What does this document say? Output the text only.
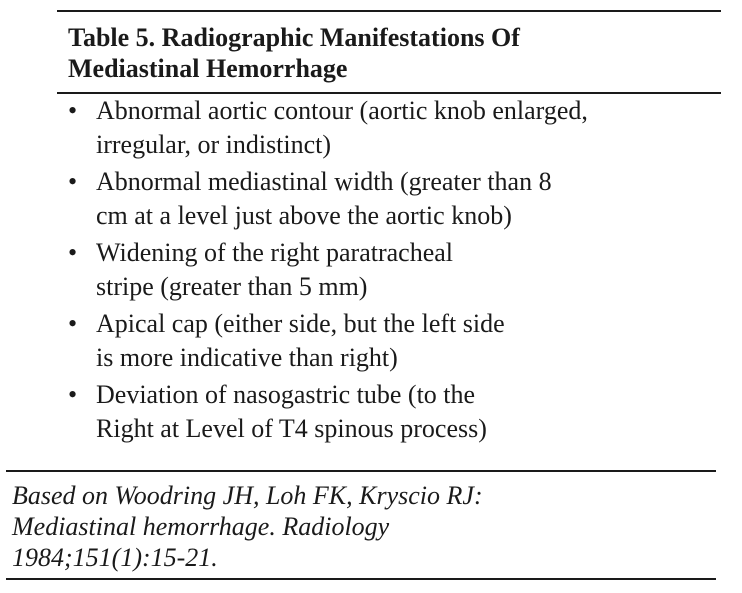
Table 5. Radiographic Manifestations Of
Mediastinal Hemorrhage
• Abnormal aortic contour (aortic knob enlarged,
irregular, or indistinct)
• Abnormal mediastinal width (greater than 8
cm at a level just above the aortic knob)
• Widening of the right paratracheal
stripe (greater than 5 mm)
• Apical cap (either side, but the left side
is more indicative than right)
• Deviation of nasogastric tube (to the
Right at Level of T4 spinous process)
Based on Woodring JH, Loh FK, Kryscio RJ:
Mediastinal hemorrhage. Radiology
1984;151(1):15-21.
